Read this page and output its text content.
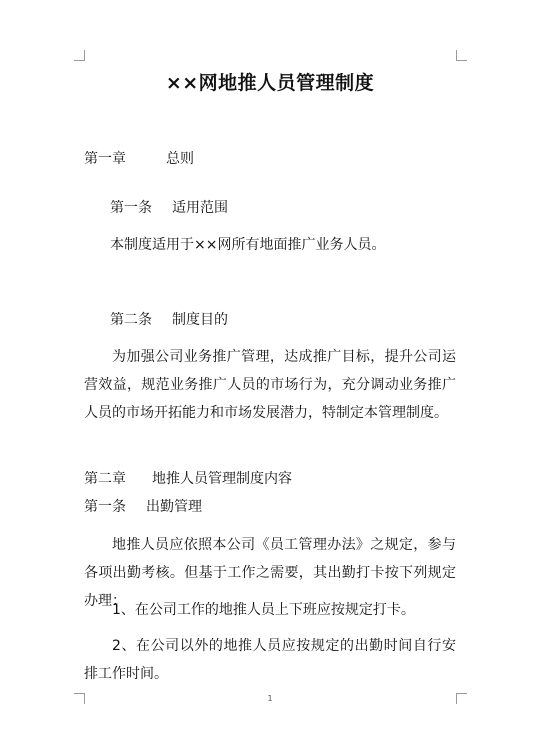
××网地推人员管理制度
第一章	总则
第一条 适用范围
本制度适用于××网所有地面推广业务人员。
第二条 制度目的

为加强公司业务推广管理，达成推广目标，提升公司运营效益，规范业务推广人员的市场行为，充分调动业务推广人员的市场开拓能力和市场发展潜力，特制定本管理制度。

第二章 地推人员管理制度内容
第一条 出勤管理

地推人员应依照本公司《员工管理办法》之规定，参与各项出勤考核。但基于工作之需要，其出勤打卡按下列规定办理：

1、在公司工作的地推人员上下班应按规定打卡。

2、在公司以外的地推人员应按规定的出勤时间自行安排工作时间。

1
